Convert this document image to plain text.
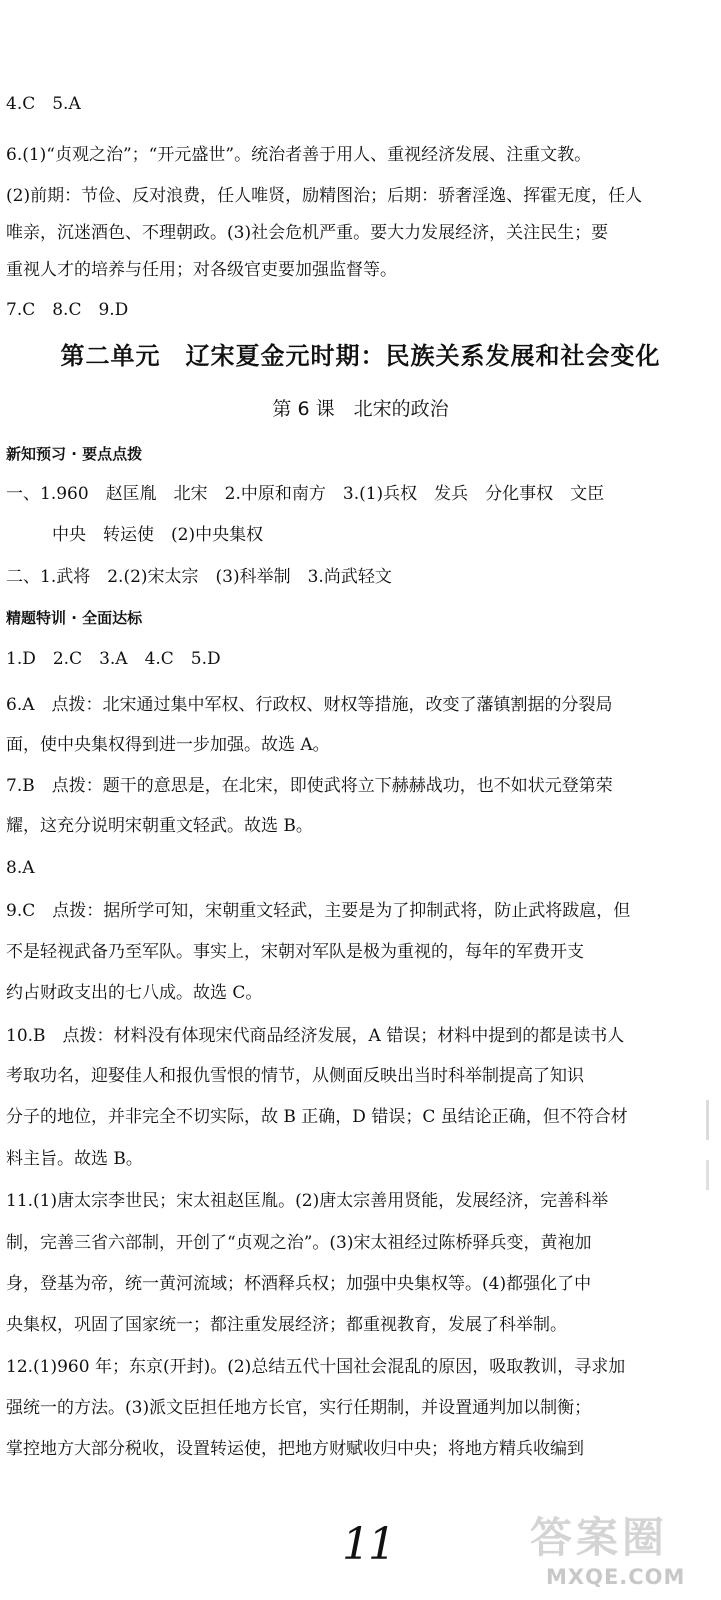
4.C　5.A
6.(1)“贞观之治”；“开元盛世”。统治者善于用人、重视经济发展、注重文教。
(2)前期：节俭、反对浪费，任人唯贤，励精图治；后期：骄奢淫逸、挥霍无度，任人
唯亲，沉迷酒色、不理朝政。(3)社会危机严重。要大力发展经济，关注民生；要
重视人才的培养与任用；对各级官吏要加强监督等。
7.C　8.C　9.D
第二单元　辽宋夏金元时期：民族关系发展和社会变化
第 6 课　北宋的政治
新知预习 · 要点点拨
一、1.960　赵匡胤　北宋　2.中原和南方　3.(1)兵权　发兵　分化事权　文臣
中央　转运使　(2)中央集权
二、1.武将　2.(2)宋太宗　(3)科举制　3.尚武轻文
精题特训 · 全面达标
1.D　2.C　3.A　4.C　5.D
6.A　点拨：北宋通过集中军权、行政权、财权等措施，改变了藩镇割据的分裂局
面，使中央集权得到进一步加强。故选 A。
7.B　点拨：题干的意思是，在北宋，即使武将立下赫赫战功，也不如状元登第荣
耀，这充分说明宋朝重文轻武。故选 B。
8.A
9.C　点拨：据所学可知，宋朝重文轻武，主要是为了抑制武将，防止武将跋扈，但
不是轻视武备乃至军队。事实上，宋朝对军队是极为重视的，每年的军费开支
约占财政支出的七八成。故选 C。
10.B　点拨：材料没有体现宋代商品经济发展，A 错误；材料中提到的都是读书人
考取功名，迎娶佳人和报仇雪恨的情节，从侧面反映出当时科举制提高了知识
分子的地位，并非完全不切实际，故 B 正确，D 错误；C 虽结论正确，但不符合材
料主旨。故选 B。
11.(1)唐太宗李世民；宋太祖赵匡胤。(2)唐太宗善用贤能，发展经济，完善科举
制，完善三省六部制，开创了“贞观之治”。(3)宋太祖经过陈桥驿兵变，黄袍加
身，登基为帝，统一黄河流域；杯酒释兵权；加强中央集权等。(4)都强化了中
央集权，巩固了国家统一；都注重发展经济；都重视教育，发展了科举制。
12.(1)960 年；东京(开封)。(2)总结五代十国社会混乱的原因，吸取教训，寻求加
强统一的方法。(3)派文臣担任地方长官，实行任期制，并设置通判加以制衡；
掌控地方大部分税收，设置转运使，把地方财赋收归中央；将地方精兵收编到
11	答案圈
MXQE.COM
